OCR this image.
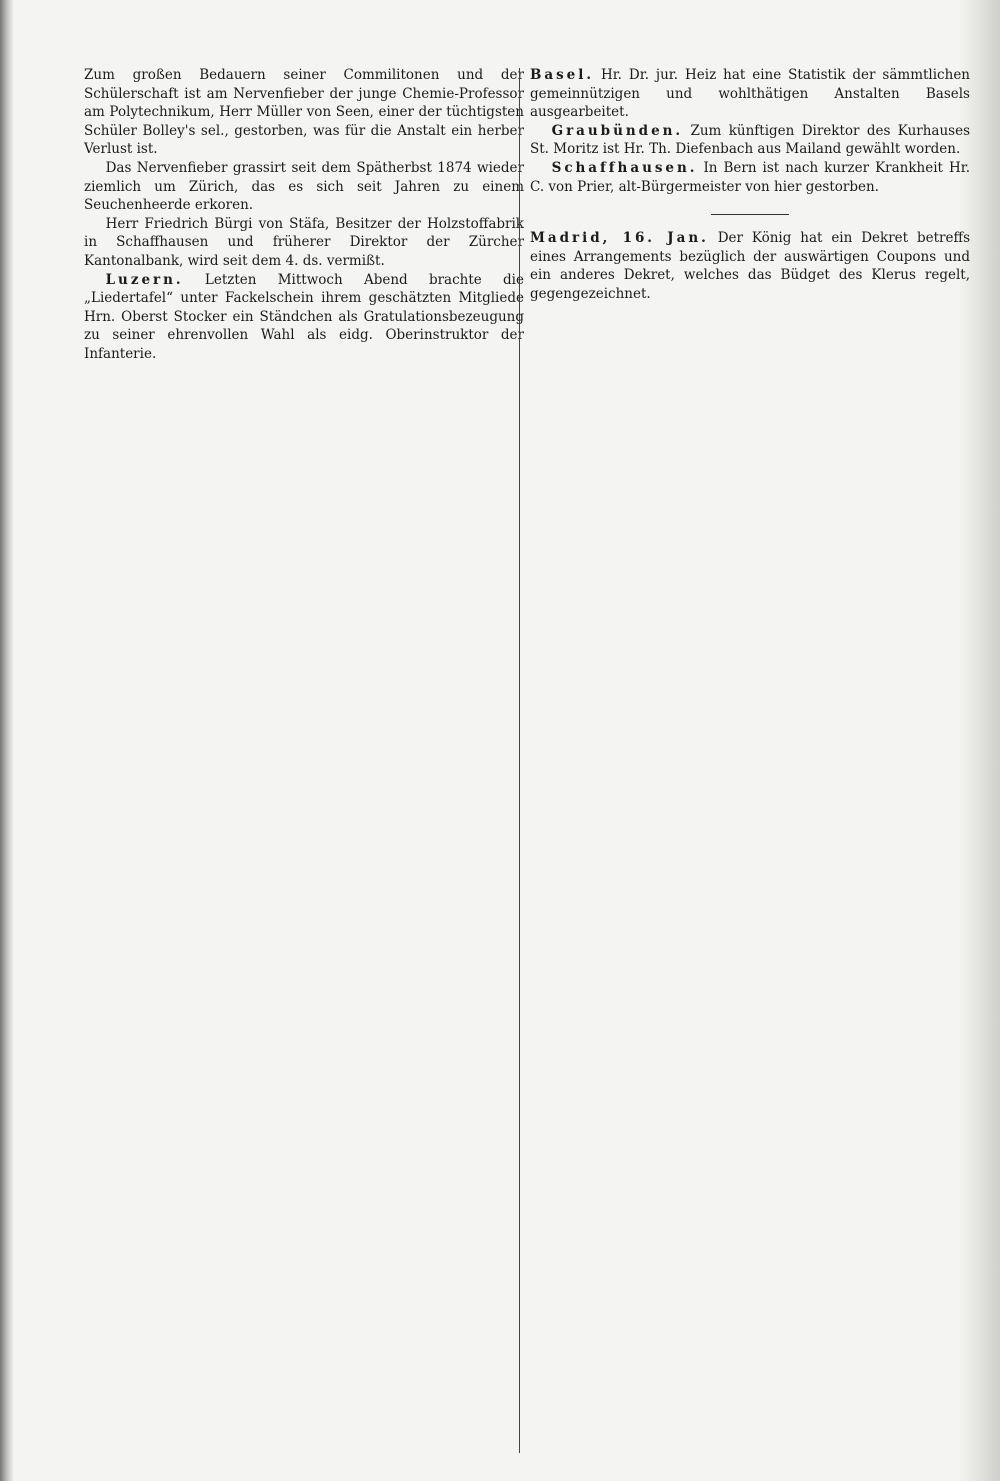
Zum großen Bedauern seiner Commilitonen und der Schülerschaft ist am Nervenfieber der junge Chemie-Professor am Polytechnikum, Herr Müller von Seen, einer der tüchtigsten Schüler Bolley's sel., gestorben, was für die Anstalt ein herber Verlust ist.

Das Nervenfieber grassirt seit dem Spätherbst 1874 wieder ziemlich um Zürich, das es sich seit Jahren zu einem Seuchenheerde erkoren.

Herr Friedrich Bürgi von Stäfa, Besitzer der Holzstoffabrik in Schaffhausen und früherer Direktor der Zürcher Kantonalbank, wird seit dem 4. ds. vermißt.

Luzern. Letzten Mittwoch Abend brachte die „Liedertafel“ unter Fackelschein ihrem geschätzten Mitgliede Hrn. Oberst Stocker ein Ständchen als Gratulationsbezeugung zu seiner ehrenvollen Wahl als eidg. Oberinstruktor der Infanterie.

Basel. Hr. Dr. jur. Heiz hat eine Statistik der sämmtlichen gemeinnützigen und wohlthätigen Anstalten Basels ausgearbeitet.

Graubünden. Zum künftigen Direktor des Kurhauses St. Moritz ist Hr. Th. Diefenbach aus Mailand gewählt worden.

Schaffhausen. In Bern ist nach kurzer Krankheit Hr. C. von Prier, alt-Bürgermeister von hier gestorben.

Madrid, 16. Jan. Der König hat ein Dekret betreffs eines Arrangements bezüglich der auswärtigen Coupons und ein anderes Dekret, welches das Büdget des Klerus regelt, gegengezeichnet.
